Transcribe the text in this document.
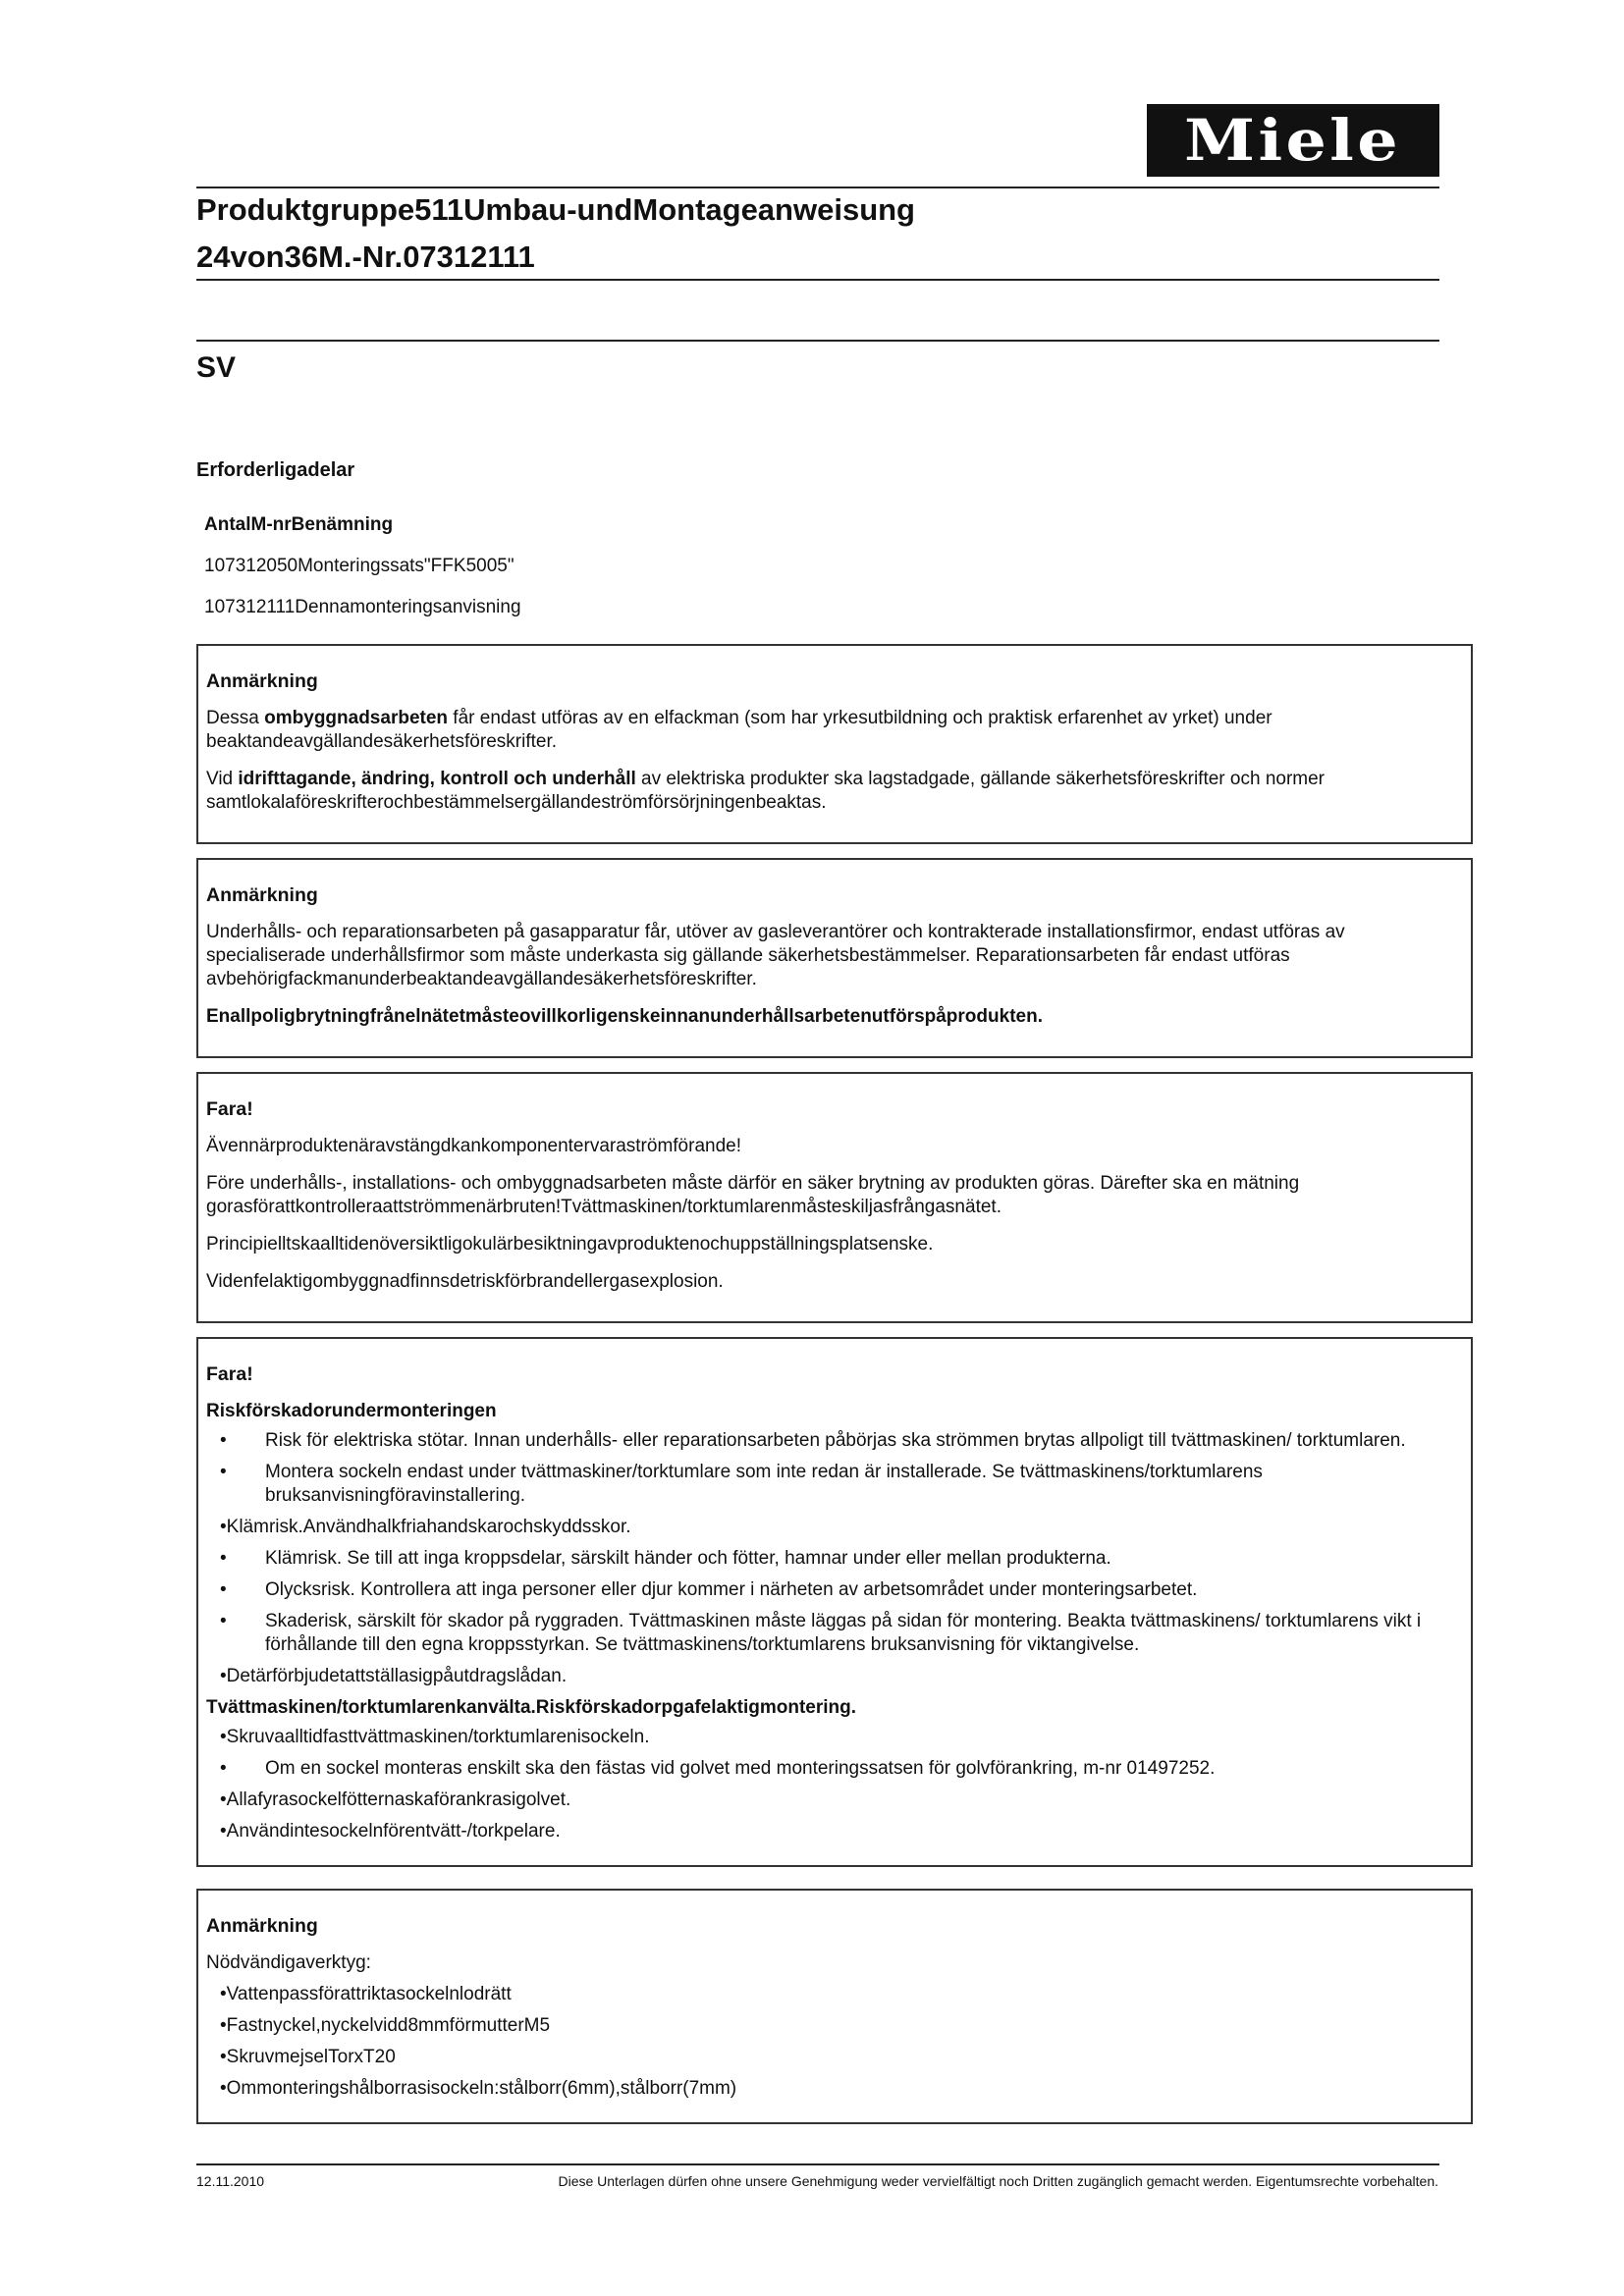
Miele
Produktgruppe511Umbau-undMontageanweisung
24von36M.-Nr.07312111
SV
Erforderligadelar
AntalM-nrBenämning
107312050Monteringssats"FFK5005"
107312111Dennamonteringsanvisning
Anmärkning

Dessa ombyggnadsarbeten får endast utföras av en elfackman (som har yrkesutbildning och praktisk erfarenhet av yrket) under beaktandeavgällandesäkerhetsföreskrifter.

Vid idrifttagande, ändring, kontroll och underhåll av elektriska produkter ska lagstadgade, gällande säkerhetsföreskrifter och normer samtlokalaföreskrifterochbestämmelsergällandeströmförsörjningenbeaktas.

Anmärkning

Underhålls- och reparationsarbeten på gasapparatur får, utöver av gasleverantörer och kontrakterade installationsfirmor, endast utföras av specialiserade underhållsfirmor som måste underkasta sig gällande säkerhetsbestämmelser. Reparationsarbeten får endast utföras avbehörigfackmanunderbeaktandeavgällandesäkerhetsföreskrifter.

Enallpoligbrytningfrånelnätetmåsteovillkorligenskeinnanunderhållsarbetenutförspåprodukten.

Fara!

Ävennärproduktenäravstängdkankomponentervaraströmförande!

Före underhålls-, installations- och ombyggnadsarbeten måste därför en säker brytning av produkten göras. Därefter ska en mätning gorasförattkontrolleraattströmmenärbruten!Tvättmaskinen/torktumlarenmåsteskiljasfrångasnätet.

Principielltskaalltidenöversiktligokulärbesiktningavproduktenochuppställningsplatsenske.

Videnfelaktigombyggnadfinnsdetriskförbrandellergasexplosion.

Fara!
Riskförskadorundermonteringen
• Risk för elektriska stötar. Innan underhålls- eller reparationsarbeten påbörjas ska strömmen brytas allpoligt till tvättmaskinen/ torktumlaren.
• Montera sockeln endast under tvättmaskiner/torktumlare som inte redan är installerade. Se tvättmaskinens/torktumlarens bruksanvisningföravinstallering.
•Klämrisk.Användhalkfriahandskarochskyddsskor.
• Klämrisk. Se till att inga kroppsdelar, särskilt händer och fötter, hamnar under eller mellan produkterna.
• Olycksrisk. Kontrollera att inga personer eller djur kommer i närheten av arbetsområdet under monteringsarbetet.
• Skaderisk, särskilt för skador på ryggraden. Tvättmaskinen måste läggas på sidan för montering. Beakta tvättmaskinens/ torktumlarens vikt i förhållande till den egna kroppsstyrkan. Se tvättmaskinens/torktumlarens bruksanvisning för viktangivelse.
•Detärförbjudetattställasigpåutdragslådan.
Tvättmaskinen/torktumlarenkanvälta.Riskförskadorpgafelaktigmontering.
•Skruvaalltidfasttvättmaskinen/torktumlarenisockeln.
• Om en sockel monteras enskilt ska den fästas vid golvet med monteringssatsen för golvförankring, m-nr 01497252.
•Allafyrasockelfötternaskaförankrasigolvet.
•Användintesockelnförentvätt-/torkpelare.
Anmärkning

Nödvändigaverktyg:

•Vattenpassförattriktasockelnlodrätt
•Fastnyckel,nyckelvidd8mmförmutterM5
•SkruvmejselTorxT20
•Ommonteringshålborrasisockeln:stålborr(6mm),stålborr(7mm)
12.11.2010	Diese Unterlagen dürfen ohne unsere Genehmigung weder vervielfältigt noch Dritten zugänglich gemacht werden. Eigentumsrechte vorbehalten.
